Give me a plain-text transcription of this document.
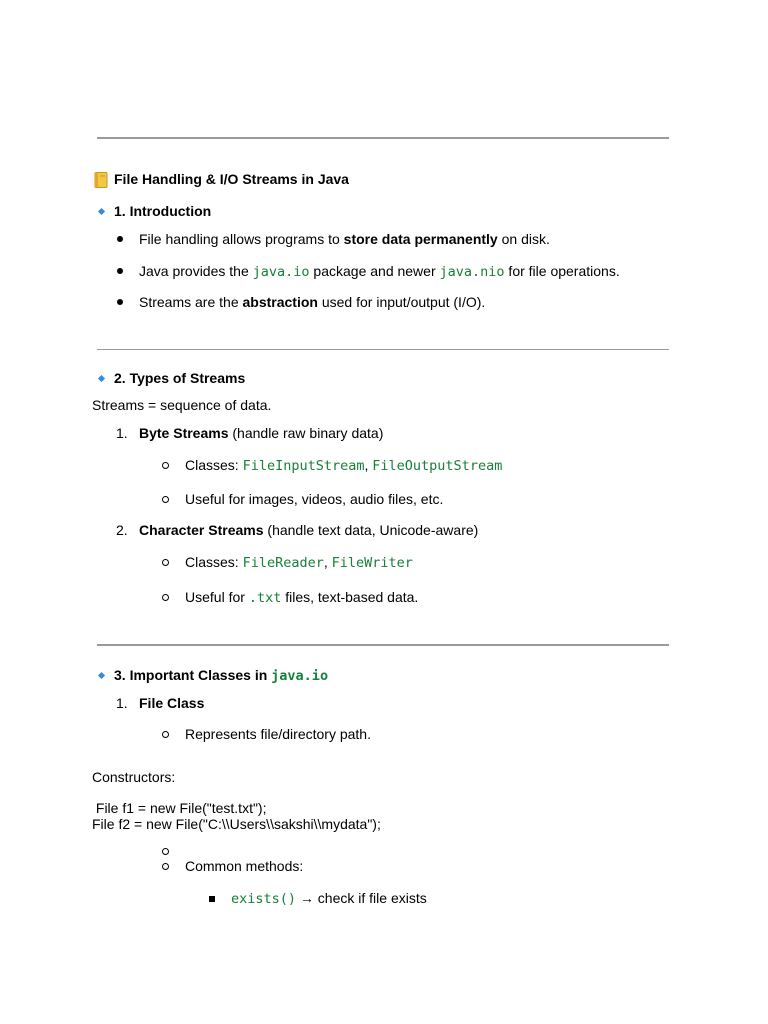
File Handling & I/O Streams in Java
1. Introduction
File handling allows programs to store data permanently on disk.
Java provides the java.io package and newer java.nio for file operations.
Streams are the abstraction used for input/output (I/O).
2. Types of Streams
Streams = sequence of data.
1. Byte Streams (handle raw binary data)
Classes: FileInputStream, FileOutputStream
Useful for images, videos, audio files, etc.
2. Character Streams (handle text data, Unicode-aware)
Classes: FileReader, FileWriter
Useful for .txt files, text-based data.
3. Important Classes in java.io
1. File Class
Represents file/directory path.
Constructors:
File f1 = new File("test.txt");
File f2 = new File("C:\\Users\\sakshi\\mydata");
Common methods:
exists() → check if file exists
